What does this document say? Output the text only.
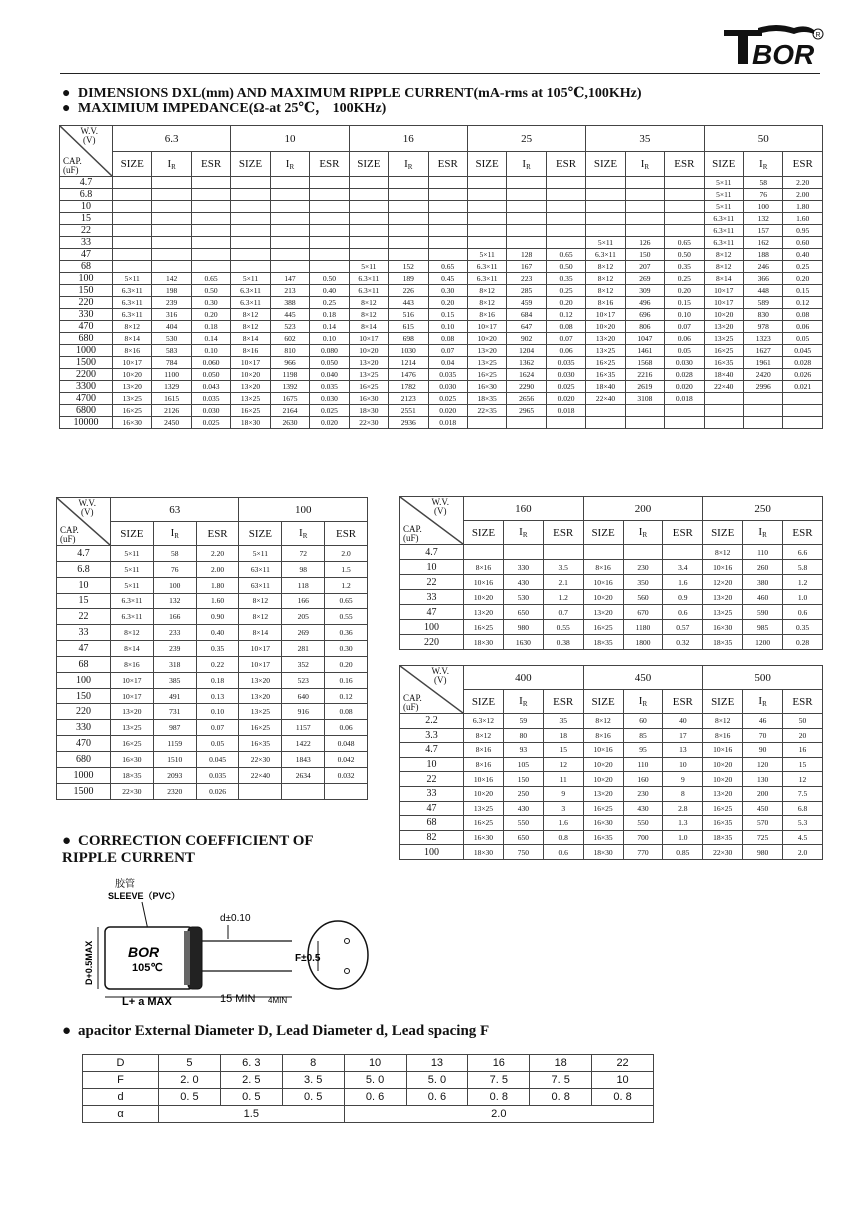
BOR
R
● DIMENSIONS DXL(mm) AND MAXIMUM RIPPLE CURRENT(mA-rms at 105℃,100KHz)
● MAXIMIUM IMPEDANCE(Ω-at 25℃， 100KHz)
W.V.
(V)
CAP.
(uF)	6.3			10			16			25			35			50		
	SIZE	$I_R$	ESR	SIZE	$I_R$	ESR	SIZE	$I_R$	ESR	SIZE	$I_R$	ESR	SIZE	$I_R$	ESR	SIZE	$I_R$	ESR
4.7																5×11	58	2.20
6.8																5×11	76	2.00
10																5×11	100	1.80
15																6.3×11	132	1.60
22																6.3×11	157	0.95
33													5×11	126	0.65	6.3×11	162	0.60
47										5×11	128	0.65	6.3×11	150	0.50	8×12	188	0.40
68							5×11	152	0.65	6.3×11	167	0.50	8×12	207	0.35	8×12	246	0.25
100	5×11	142	0.65	5×11	147	0.50	6.3×11	189	0.45	6.3×11	223	0.35	8×12	269	0.25	8×14	366	0.20
150	6.3×11	198	0.50	6.3×11	213	0.40	6.3×11	226	0.30	8×12	285	0.25	8×12	309	0.20	10×17	448	0.15
220	6.3×11	239	0.30	6.3×11	388	0.25	8×12	443	0.20	8×12	459	0.20	8×16	496	0.15	10×17	589	0.12
330	6.3×11	316	0.20	8×12	445	0.18	8×12	516	0.15	8×16	684	0.12	10×17	696	0.10	10×20	830	0.08
470	8×12	404	0.18	8×12	523	0.14	8×14	615	0.10	10×17	647	0.08	10×20	806	0.07	13×20	978	0.06
680	8×14	530	0.14	8×14	602	0.10	10×17	698	0.08	10×20	902	0.07	13×20	1047	0.06	13×25	1323	0.05
1000	8×16	583	0.10	8×16	810	0.080	10×20	1030	0.07	13×20	1204	0.06	13×25	1461	0.05	16×25	1627	0.045
1500	10×17	784	0.060	10×17	966	0.050	13×20	1214	0.04	13×25	1362	0.035	16×25	1568	0.030	16×35	1961	0.028
2200	10×20	1100	0.050	10×20	1198	0.040	13×25	1476	0.035	16×25	1624	0.030	16×35	2216	0.028	18×40	2420	0.026
3300	13×20	1329	0.043	13×20	1392	0.035	16×25	1782	0.030	16×30	2290	0.025	18×40	2619	0.020	22×40	2996	0.021
4700	13×25	1615	0.035	13×25	1675	0.030	16×30	2123	0.025	18×35	2656	0.020	22×40	3108	0.018			
6800	16×25	2126	0.030	16×25	2164	0.025	18×30	2551	0.020	22×35	2965	0.018						
10000	16×30	2450	0.025	18×30	2630	0.020	22×30	2936	0.018									
W.V.
(V)
CAP.
(uF)	63			100		
	SIZE	$I_R$	ESR	SIZE	$I_R$	ESR
4.7	5×11	58	2.20	5×11	72	2.0
6.8	5×11	76	2.00	63×11	98	1.5
10	5×11	100	1.80	63×11	118	1.2
15	6.3×11	132	1.60	8×12	166	0.65
22	6.3×11	166	0.90	8×12	205	0.55
33	8×12	233	0.40	8×14	269	0.36
47	8×14	239	0.35	10×17	281	0.30
68	8×16	318	0.22	10×17	352	0.20
100	10×17	385	0.18	13×20	523	0.16
150	10×17	491	0.13	13×20	640	0.12
220	13×20	731	0.10	13×25	916	0.08
330	13×25	987	0.07	16×25	1157	0.06
470	16×25	1159	0.05	16×35	1422	0.048
680	16×30	1510	0.045	22×30	1843	0.042
1000	18×35	2093	0.035	22×40	2634	0.032
1500	22×30	2320	0.026			
W.V.
(V)
CAP.
(uF)	160			200			250		
	SIZE	$I_R$	ESR	SIZE	$I_R$	ESR	SIZE	$I_R$	ESR
4.7							8×12	110	6.6
10	8×16	330	3.5	8×16	230	3.4	10×16	260	5.8
22	10×16	430	2.1	10×16	350	1.6	12×20	380	1.2
33	10×20	530	1.2	10×20	560	0.9	13×20	460	1.0
47	13×20	650	0.7	13×20	670	0.6	13×25	590	0.6
100	16×25	980	0.55	16×25	1180	0.57	16×30	985	0.35
220	18×30	1630	0.38	18×35	1800	0.32	18×35	1200	0.28
W.V.
(V)
CAP.
(uF)	400			450			500		
	SIZE	$I_R$	ESR	SIZE	$I_R$	ESR	SIZE	$I_R$	ESR
2.2	6.3×12	59	35	8×12	60	40	8×12	46	50
3.3	8×12	80	18	8×16	85	17	8×16	70	20
4.7	8×16	93	15	10×16	95	13	10×16	90	16
10	8×16	105	12	10×20	110	10	10×20	120	15
22	10×16	150	11	10×20	160	9	10×20	130	12
33	10×20	250	9	13×20	230	8	13×20	200	7.5
47	13×25	430	3	16×25	430	2.8	16×25	450	6.8
68	16×25	550	1.6	16×30	550	1.3	16×35	570	5.3
82	16×30	650	0.8	16×35	700	1.0	18×35	725	4.5
100	18×30	750	0.6	18×30	770	0.85	22×30	980	2.0
● CORRECTION COEFFICIENT OF
RIPPLE CURRENT
胶管
SLEEVE（PVC）
BOR
105℃
d±0.10
F±0.5
D+0.5MAX
L+ a MAX	15 MIN 4MIN
● apacitor External Diameter D, Lead Diameter d, Lead spacing F
D	5	6. 3	8	10	13	16	18	22
F	2. 0	2. 5	3. 5	5. 0	5. 0	7. 5	7. 5	10
d	0. 5	0. 5	0. 5	0. 6	0. 6	0. 8	0. 8	0. 8
α	1.5			2.0				
